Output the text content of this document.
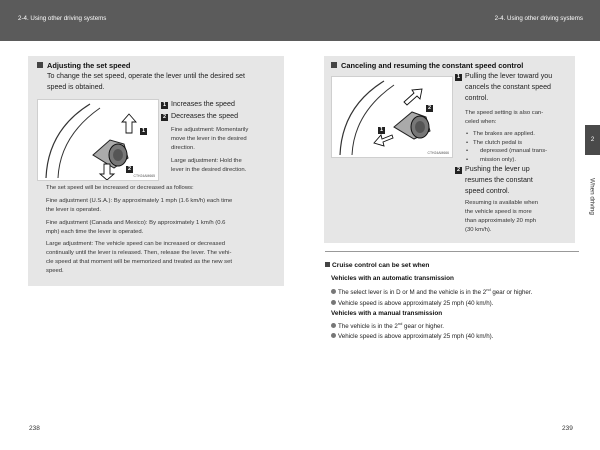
2-4. Using other driving systems	2-4. Using other driving systems
Adjusting the set speed
To change the set speed, operate the lever until the desired set
speed is obtained.
1
2
CTH24AM665
1 Increases the speed
2 Decreases the speed
Fine adjustment: Momentarily
move the lever in the desired
direction.
Large adjustment: Hold the
lever in the desired direction.
The set speed will be increased or decreased as follows:
Fine adjustment (U.S.A.): By approximately 1 mph (1.6 km/h) each time
the lever is operated.
Fine adjustment (Canada and Mexico): By approximately 1 km/h (0.6
mph) each time the lever is operated.
Large adjustment: The vehicle speed can be increased or decreased
continually until the lever is released. Then, release the lever. The vehi-
cle speed at that moment will be memorized and treated as the new set
speed.
Canceling and resuming the constant speed control
2
1
CTH24AM666
1 Pulling the lever toward you
cancels the constant speed
control.
The speed setting is also can-
celed when:
• The brakes are applied.
• The clutch pedal is
• depressed (manual trans-
• mission only).
2 Pushing the lever up
resumes the constant
speed control.
Resuming is available when
the vehicle speed is more
than approximately 20 mph
(30 km/h).
2
When driving
Cruise control can be set when
Vehicles with an automatic transmission
The select lever is in D or M and the vehicle is in the 2nd gear or higher.
Vehicle speed is above approximately 25 mph (40 km/h).
Vehicles with a manual transmission
The vehicle is in the 2nd gear or higher.
Vehicle speed is above approximately 25 mph (40 km/h).
238	239
